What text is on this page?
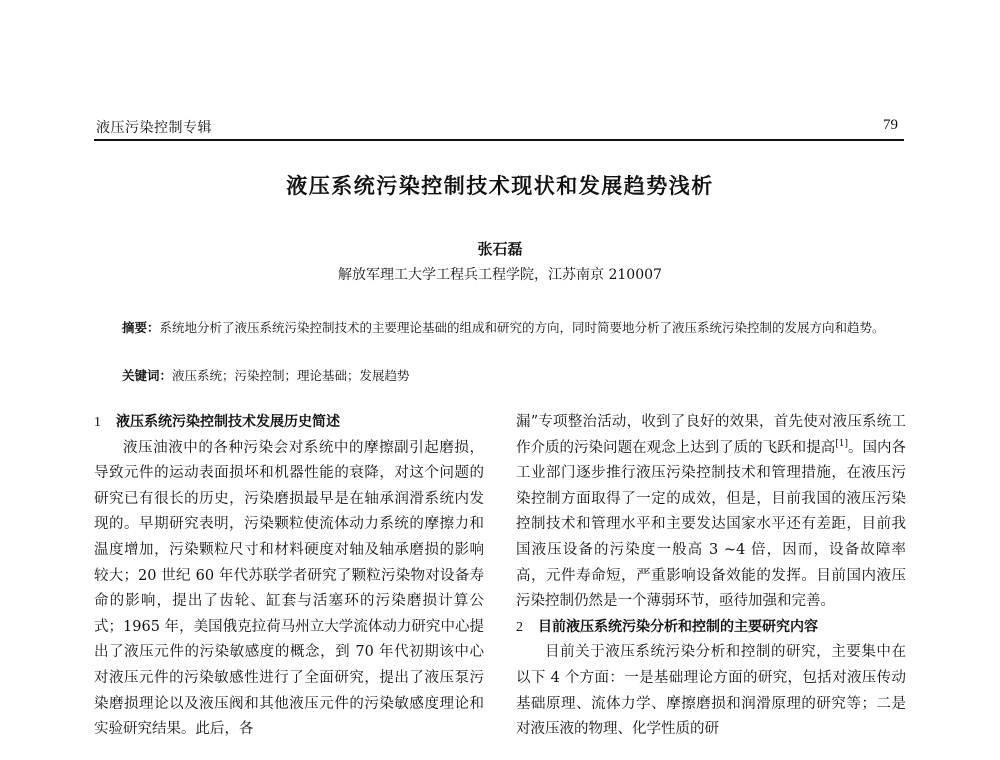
液压污染控制专辑	79
液压系统污染控制技术现状和发展趋势浅析
张石磊
解放军理工大学工程兵工程学院，江苏南京 210007
摘要：系统地分析了液压系统污染控制技术的主要理论基础的组成和研究的方向，同时简要地分析了液压系统污染控制的发展方向和趋势。
关键词：液压系统；污染控制；理论基础；发展趋势

1 液压系统污染控制技术发展历史简述

液压油液中的各种污染会对系统中的摩擦副引起磨损，导致元件的运动表面损坏和机器性能的衰降，对这个问题的研究已有很长的历史，污染磨损最早是在轴承润滑系统内发现的。早期研究表明，污染颗粒使流体动力系统的摩擦力和温度增加，污染颗粒尺寸和材料硬度对轴及轴承磨损的影响较大；20 世纪 60 年代苏联学者研究了颗粒污染物对设备寿命的影响，提出了齿轮、缸套与活塞环的污染磨损计算公式；1965 年，美国俄克拉荷马州立大学流体动力研究中心提出了液压元件的污染敏感度的概念，到 70 年代初期该中心对液压元件的污染敏感性进行了全面研究，提出了液压泵污染磨损理论以及液压阀和其他液压元件的污染敏感度理论和实验研究结果。此后，各

漏”专项整治活动，收到了良好的效果，首先使对液压系统工作介质的污染问题在观念上达到了质的飞跃和提高[1]。国内各工业部门逐步推行液压污染控制技术和管理措施，在液压污染控制方面取得了一定的成效，但是，目前我国的液压污染控制技术和管理水平和主要发达国家水平还有差距，目前我国液压设备的污染度一般高 3 ~4 倍，因而，设备故障率高，元件寿命短，严重影响设备效能的发挥。目前国内液压污染控制仍然是一个薄弱环节，亟待加强和完善。

2 目前液压系统污染分析和控制的主要研究内容

目前关于液压系统污染分析和控制的研究，主要集中在以下 4 个方面：一是基础理论方面的研究，包括对液压传动基础原理、流体力学、摩擦磨损和润滑原理的研究等；二是对液压液的物理、化学性质的研
